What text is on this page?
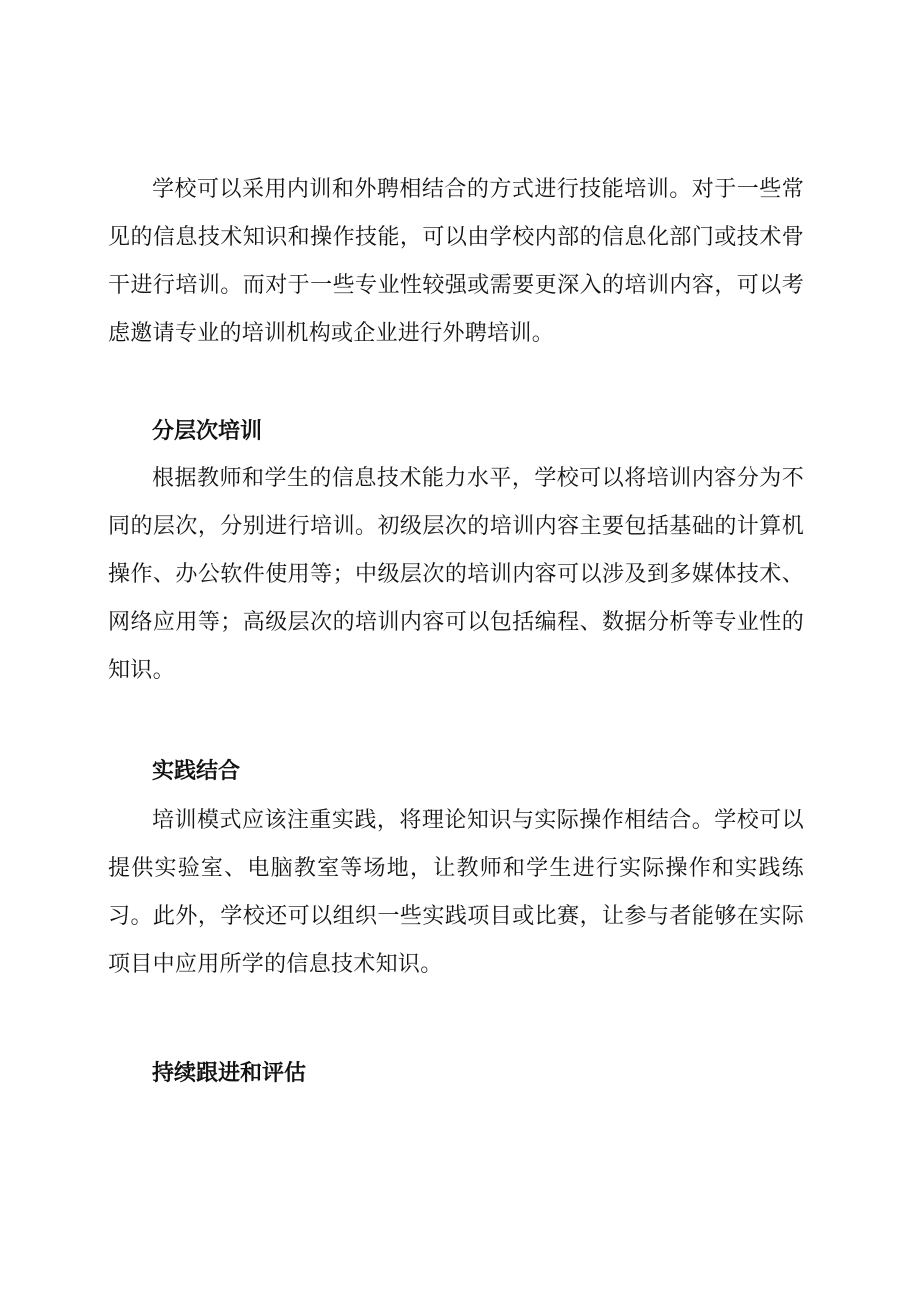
学校可以采用内训和外聘相结合的方式进行技能培训。对于一些常见的信息技术知识和操作技能，可以由学校内部的信息化部门或技术骨干进行培训。而对于一些专业性较强或需要更深入的培训内容，可以考虑邀请专业的培训机构或企业进行外聘培训。

分层次培训

根据教师和学生的信息技术能力水平，学校可以将培训内容分为不同的层次，分别进行培训。初级层次的培训内容主要包括基础的计算机操作、办公软件使用等；中级层次的培训内容可以涉及到多媒体技术、网络应用等；高级层次的培训内容可以包括编程、数据分析等专业性的知识。

实践结合

培训模式应该注重实践，将理论知识与实际操作相结合。学校可以提供实验室、电脑教室等场地，让教师和学生进行实际操作和实践练习。此外，学校还可以组织一些实践项目或比赛，让参与者能够在实际项目中应用所学的信息技术知识。

持续跟进和评估
